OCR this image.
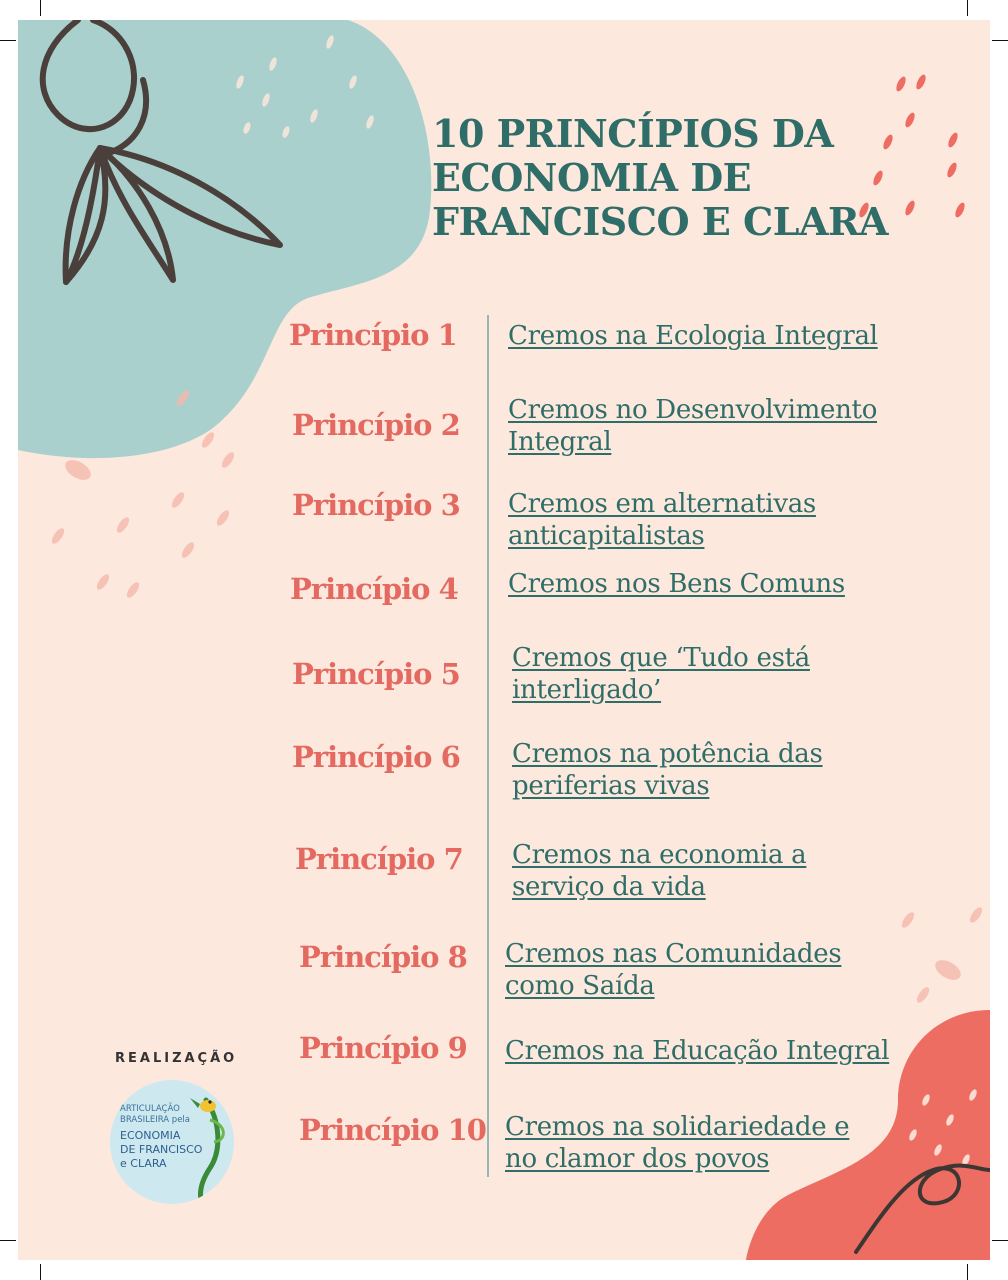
10 PRINCÍPIOS DA
ECONOMIA DE
FRANCISCO E CLARA
Princípio 1 Cremos na Ecologia Integral
Princípio 2 Cremos no Desenvolvimento
Integral
Princípio 3 Cremos em alternativas
anticapitalistas
Princípio 4 Cremos nos Bens Comuns
Princípio 5 Cremos que ‘Tudo está
interligado’
Princípio 6 Cremos na potência das
periferias vivas
Princípio 7 Cremos na economia a
serviço da vida
Princípio 8 Cremos nas Comunidades
como Saída
Princípio 9 Cremos na Educação Integral
Princípio 10 Cremos na solidariedade e
no clamor dos povos
REALIZAÇÃO
ARTICULAÇÃO
BRASILEIRA pela
ECONOMIA
DE FRANCISCO
e CLARA
